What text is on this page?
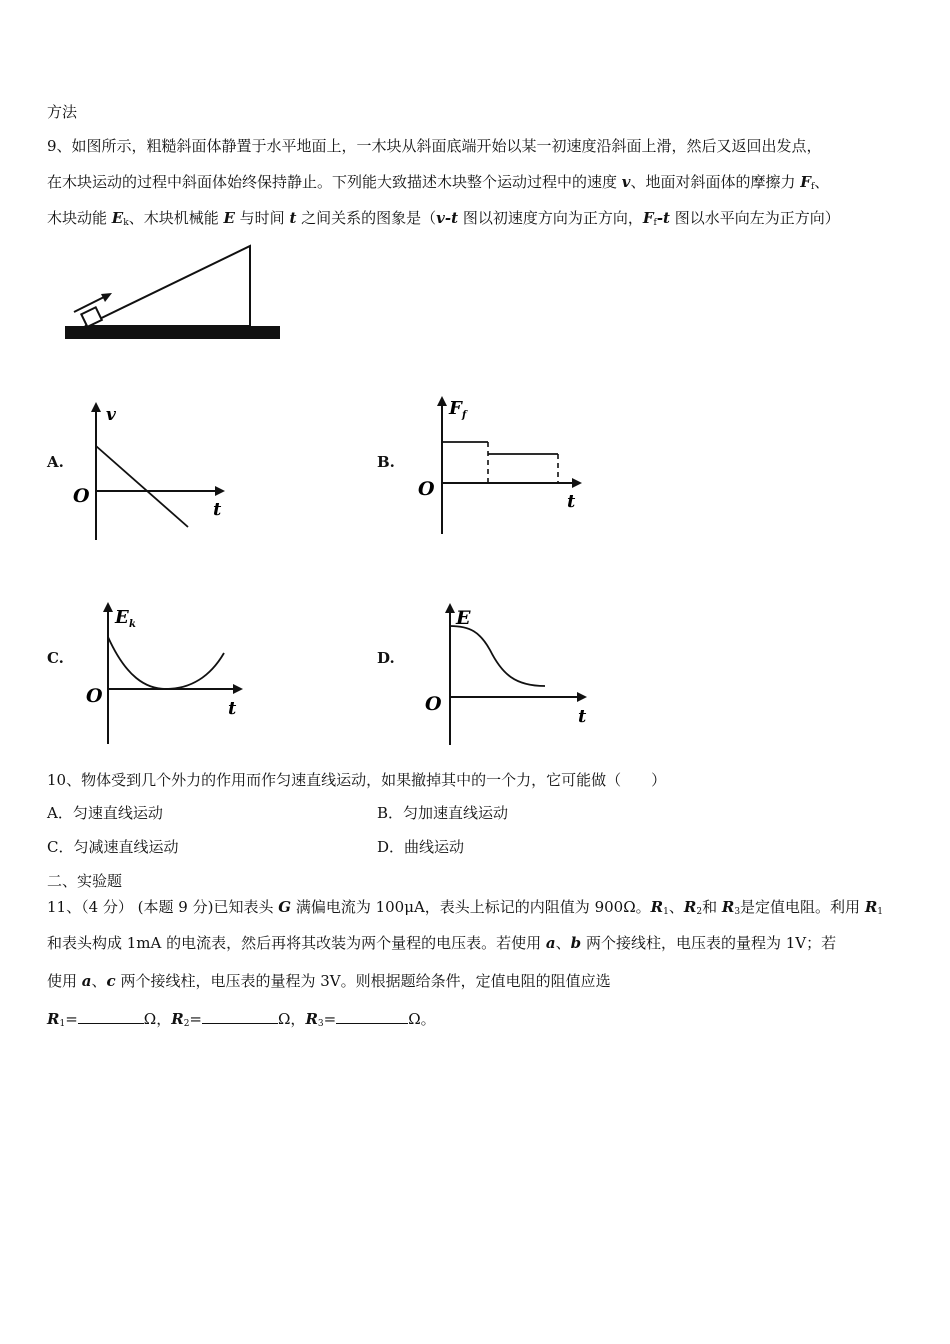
方法
9、如图所示，粗糙斜面体静置于水平地面上，一木块从斜面底端开始以某一初速度沿斜面上滑，然后又返回出发点，
在木块运动的过程中斜面体始终保持静止。下列能大致描述木块整个运动过程中的速度 v、地面对斜面体的摩擦力 $F_f$、
木块动能 $E_k$、木块机械能 E 与时间 t 之间关系的图象是（v-t 图以初速度方向为正方向，$F_f-t$ 图以水平向左为正方向）
A.	B.
C.	D.
v
O
t
F f
O
t
E k
O
t
E
O
t
10、物体受到几个外力的作用而作匀速直线运动，如果撤掉其中的一个力，它可能做（　　）
A．匀速直线运动	B．匀加速直线运动
C．匀减速直线运动	D．曲线运动
二、实验题
11、（4 分） (本题 9 分)已知表头 G 满偏电流为 100μA，表头上标记的内阻值为 900Ω。$R_1$、$R_2$和 $R_3$是定值电阻。利用 $R_1$
和表头构成 1mA 的电流表，然后再将其改装为两个量程的电压表。若使用 a、b 两个接线柱，电压表的量程为 1V；若
使用 a、c 两个接线柱，电压表的量程为 3V。则根据题给条件，定值电阻的阻值应选
$R_1=$	Ω，$R_2=$	Ω，$R_3=$	Ω。
